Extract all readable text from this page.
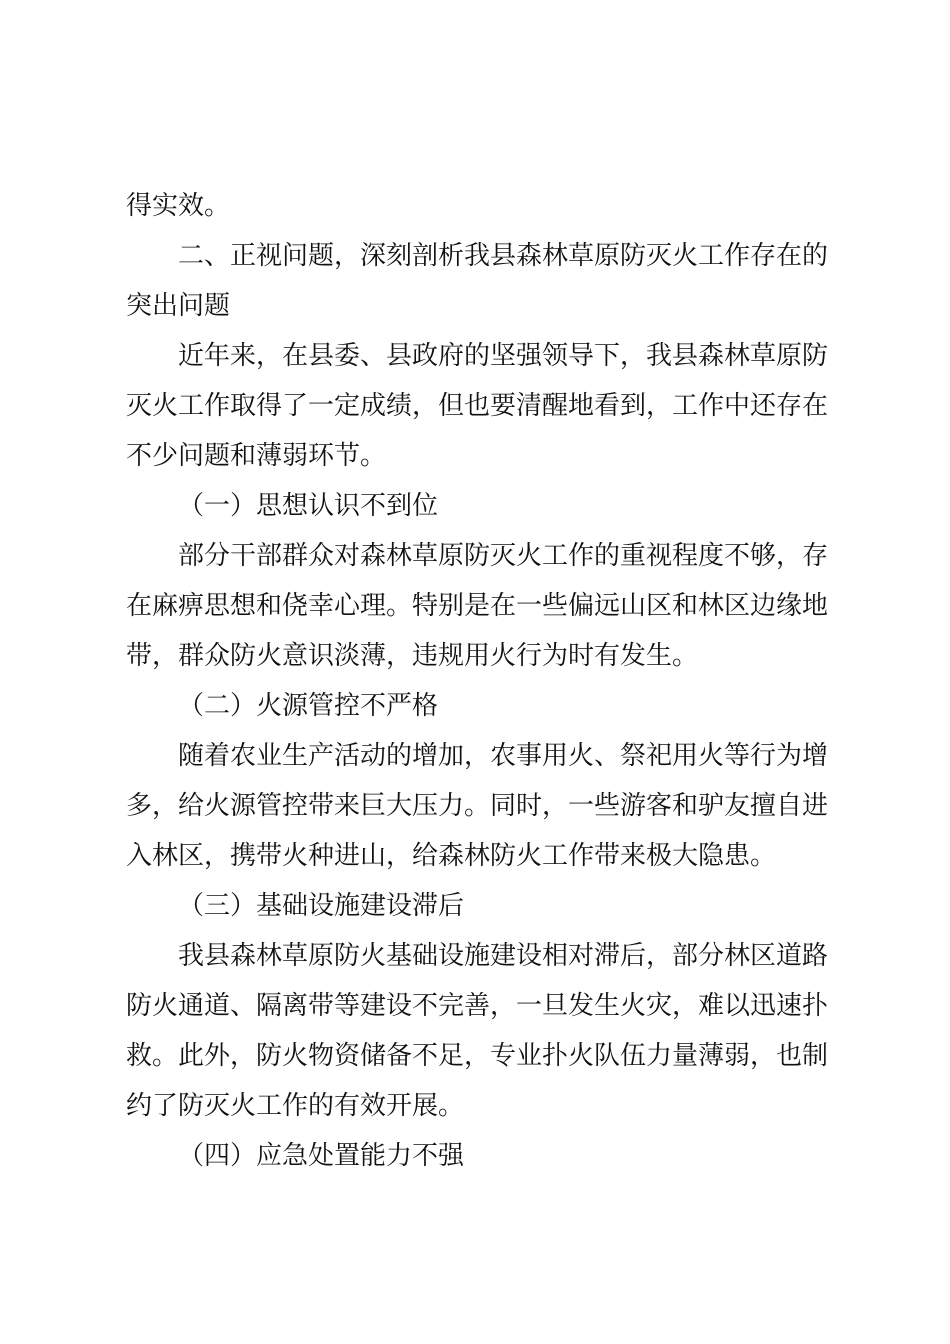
得实效。
二、正视问题，深刻剖析我县森林草原防灭火工作存在的
突出问题
近年来，在县委、县政府的坚强领导下，我县森林草原防
灭火工作取得了一定成绩，但也要清醒地看到，工作中还存在
不少问题和薄弱环节。
（一）思想认识不到位
部分干部群众对森林草原防灭火工作的重视程度不够，存
在麻痹思想和侥幸心理。特别是在一些偏远山区和林区边缘地
带，群众防火意识淡薄，违规用火行为时有发生。
（二）火源管控不严格
随着农业生产活动的增加，农事用火、祭祀用火等行为增
多，给火源管控带来巨大压力。同时，一些游客和驴友擅自进
入林区，携带火种进山，给森林防火工作带来极大隐患。
（三）基础设施建设滞后
我县森林草原防火基础设施建设相对滞后，部分林区道路
防火通道、隔离带等建设不完善，一旦发生火灾，难以迅速扑
救。此外，防火物资储备不足，专业扑火队伍力量薄弱，也制
约了防灭火工作的有效开展。
（四）应急处置能力不强
